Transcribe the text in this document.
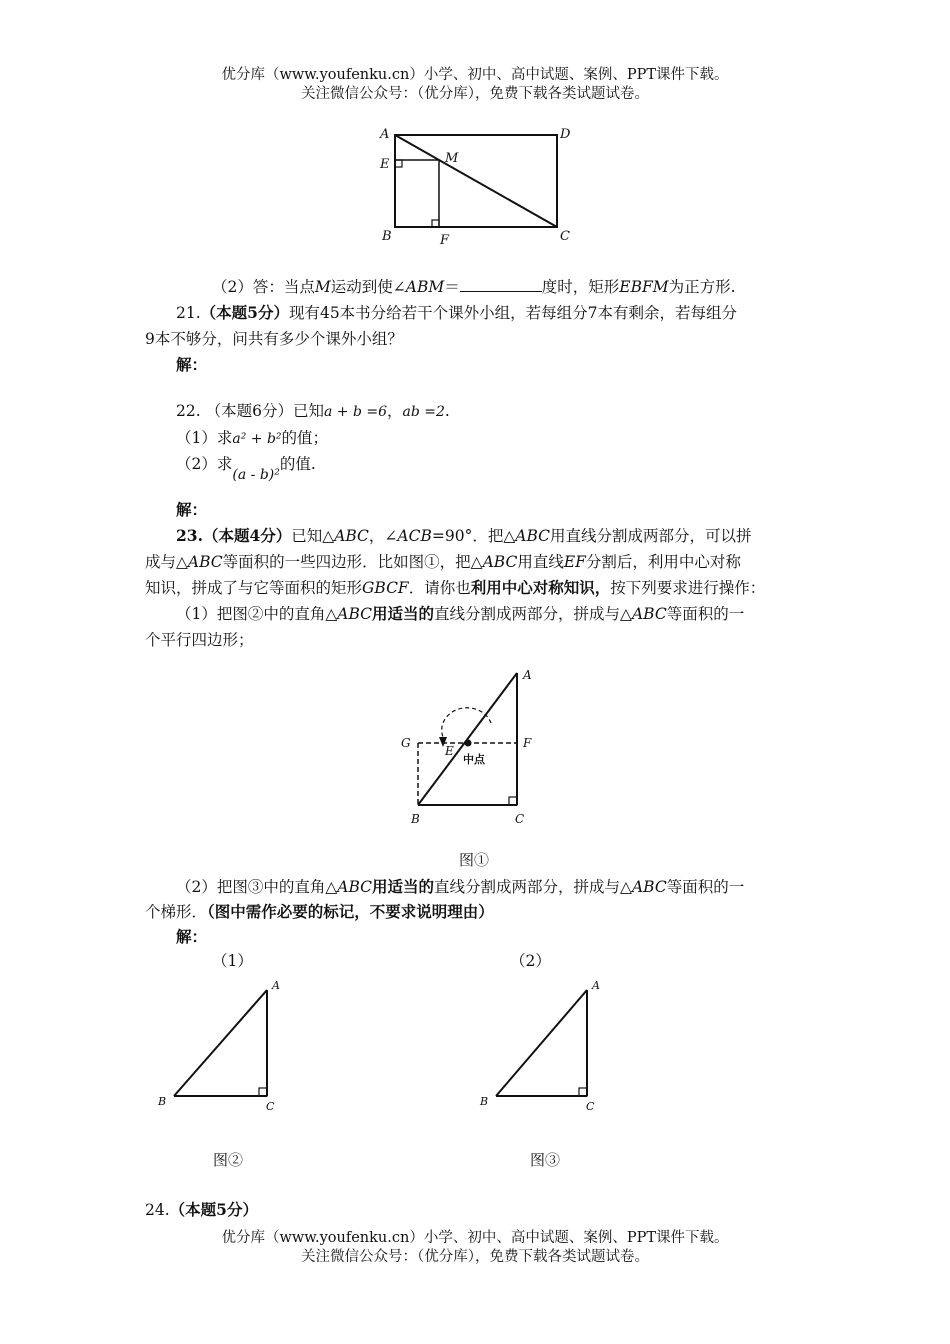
优分库（www.youfenku.cn）小学、初中、高中试题、案例、PPT课件下载。
关注微信公众号：（优分库），免费下载各类试题试卷。
A	D
E	M
B	F	C
（2）答：当点M运动到使∠ABM＝	度时，矩形EBFM为正方形.
21.（本题5分）现有45本书分给若干个课外小组，若每组分7本有剩余，若每组分
9本不够分，问共有多少个课外小组？
解：
22. （本题6分）已知a + b =6，ab =2.
（1）求a² + b²的值；
（2）求(a - b)²的值.
解：
23.（本题4分）已知△ABC，∠ACB=90°．把△ABC用直线分割成两部分，可以拼
成与△ABC等面积的一些四边形．比如图①，把△ABC用直线EF分割后，利用中心对称
知识，拼成了与它等面积的矩形GBCF．请你也利用中心对称知识，按下列要求进行操作：
（1）把图②中的直角△ABC用适当的直线分割成两部分，拼成与△ABC等面积的一
个平行四边形；
A
G
E
F
B	C
中点
图①
（2）把图③中的直角△ABC用适当的直线分割成两部分，拼成与△ABC等面积的一
个梯形．（图中需作必要的标记，不要求说明理由）
解：
（1）	（2）
A
B	C
图②
A
B	C
图③
24.（本题5分）
优分库（www.youfenku.cn）小学、初中、高中试题、案例、PPT课件下载。
关注微信公众号：（优分库），免费下载各类试题试卷。
